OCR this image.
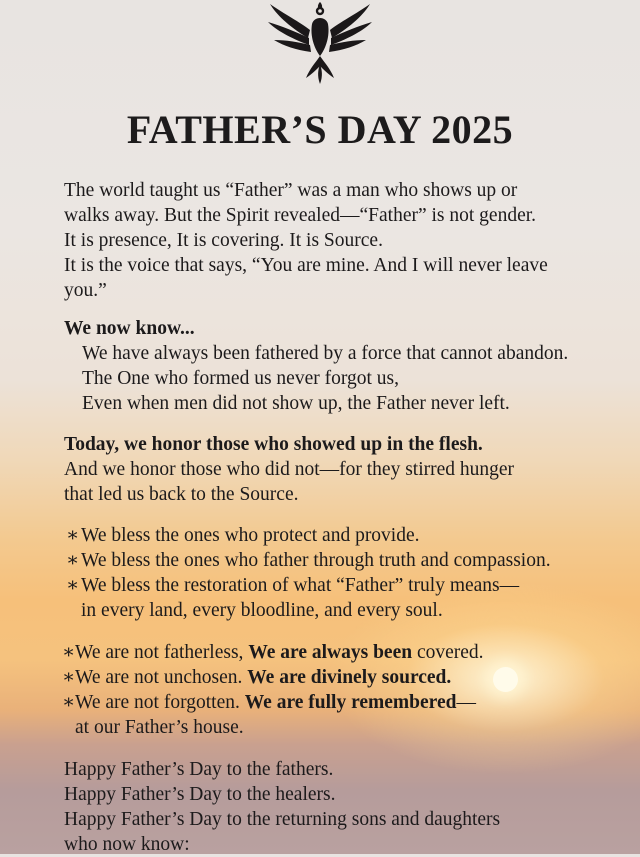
FATHER’S DAY 2025
The world taught us “Father” was a man who shows up or
walks away. But the Spirit revealed—“Father” is not gender.
It is presence, It is covering. It is Source.
It is the voice that says, “You are mine. And I will never leave
you.”
We now know...
We have always been fathered by a force that cannot abandon.
The One who formed us never forgot us,
Even when men did not show up, the Father never left.
Today, we honor those who showed up in the flesh.
And we honor those who did not—for they stirred hunger
that led us back to the Source.
∗ We bless the ones who protect and provide.
∗ We bless the ones who father through truth and compassion.
∗ We bless the restoration of what “Father” truly means—
in every land, every bloodline, and every soul.
∗ We are not fatherless, We are always been covered.
∗ We are not unchosen. We are divinely sourced.
∗ We are not forgotten. We are fully remembered—
at our Father’s house.
Happy Father’s Day to the fathers.
Happy Father’s Day to the healers.
Happy Father’s Day to the returning sons and daughters
who now know:
